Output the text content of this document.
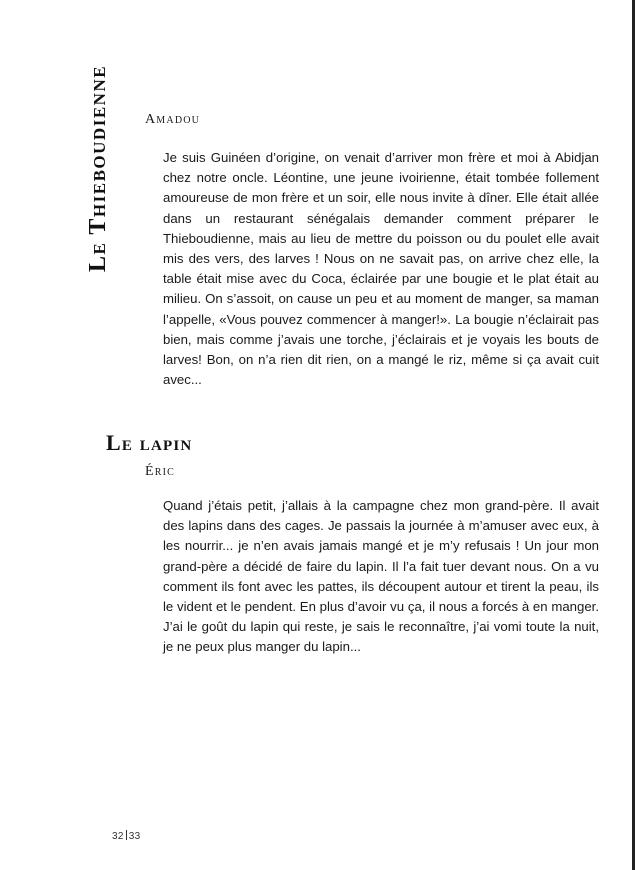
Le Thieboudienne Amadou

Je suis Guinéen d’origine, on venait d’arriver mon frère et moi à Abidjan chez notre oncle. Léontine, une jeune ivoirienne, était tombée follement amoureuse de mon frère et un soir, elle nous invite à dîner. Elle était allée dans un restaurant sénégalais demander comment préparer le Thieboudienne, mais au lieu de mettre du poisson ou du poulet elle avait mis des vers, des larves ! Nous on ne savait pas, on arrive chez elle, la table était mise avec du Coca, éclairée par une bougie et le plat était au milieu. On s’assoit, on cause un peu et au moment de manger, sa maman l’appelle, «Vous pouvez commencer à manger!». La bougie n’éclairait pas bien, mais comme j’avais une torche, j’éclairais et je voyais les bouts de larves! Bon, on n’a rien dit rien, on a mangé le riz, même si ça avait cuit avec...

Le lapin
Éric

Quand j’étais petit, j’allais à la campagne chez mon grand-père. Il avait des lapins dans des cages. Je passais la journée à m’amuser avec eux, à les nourrir... je n’en avais jamais mangé et je m’y refusais ! Un jour mon grand-père a décidé de faire du lapin. Il l’a fait tuer devant nous. On a vu comment ils font avec les pattes, ils découpent autour et tirent la peau, ils le vident et le pendent. En plus d’avoir vu ça, il nous a forcés à en manger. J’ai le goût du lapin qui reste, je sais le reconnaître, j’ai vomi toute la nuit, je ne peux plus manger du lapin...

32 33
